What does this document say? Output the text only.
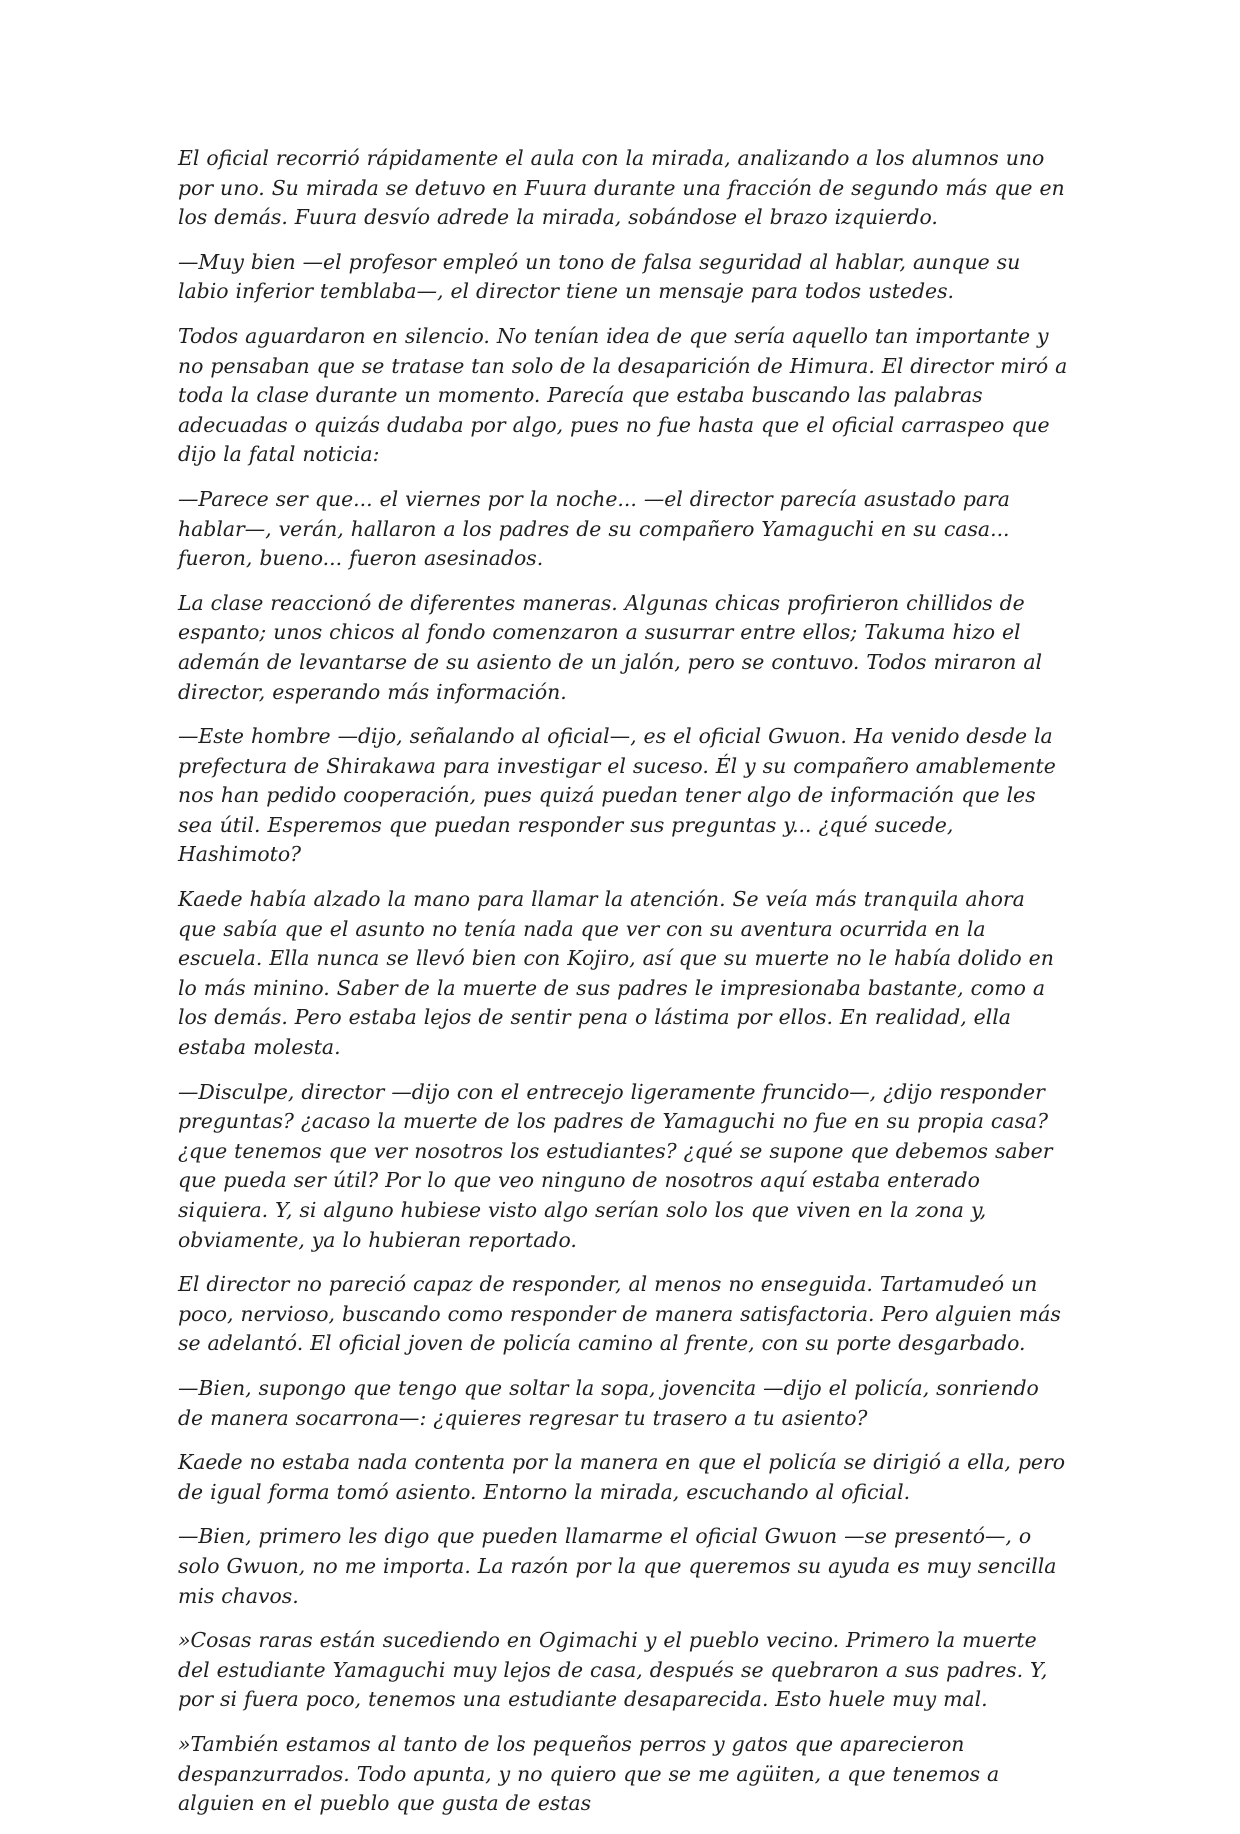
El oficial recorrió rápidamente el aula con la mirada, analizando a los alumnos uno por uno. Su mirada se detuvo en Fuura durante una fracción de segundo más que en los demás. Fuura desvío adrede la mirada, sobándose el brazo izquierdo.

—Muy bien —el profesor empleó un tono de falsa seguridad al hablar, aunque su labio inferior temblaba—, el director tiene un mensaje para todos ustedes.

Todos aguardaron en silencio. No tenían idea de que sería aquello tan importante y no pensaban que se tratase tan solo de la desaparición de Himura. El director miró a toda la clase durante un momento. Parecía que estaba buscando las palabras adecuadas o quizás dudaba por algo, pues no fue hasta que el oficial carraspeo que dijo la fatal noticia:

—Parece ser que... el viernes por la noche... —el director parecía asustado para hablar—, verán, hallaron a los padres de su compañero Yamaguchi en su casa... fueron, bueno... fueron asesinados.

La clase reaccionó de diferentes maneras. Algunas chicas profirieron chillidos de espanto; unos chicos al fondo comenzaron a susurrar entre ellos; Takuma hizo el ademán de levantarse de su asiento de un jalón, pero se contuvo. Todos miraron al director, esperando más información.

—Este hombre —dijo, señalando al oficial—, es el oficial Gwuon. Ha venido desde la prefectura de Shirakawa para investigar el suceso. Él y su compañero amablemente nos han pedido cooperación, pues quizá puedan tener algo de información que les sea útil. Esperemos que puedan responder sus preguntas y... ¿qué sucede, Hashimoto?

Kaede había alzado la mano para llamar la atención. Se veía más tranquila ahora que sabía que el asunto no tenía nada que ver con su aventura ocurrida en la escuela. Ella nunca se llevó bien con Kojiro, así que su muerte no le había dolido en lo más minino. Saber de la muerte de sus padres le impresionaba bastante, como a los demás. Pero estaba lejos de sentir pena o lástima por ellos. En realidad, ella estaba molesta.

—Disculpe, director —dijo con el entrecejo ligeramente fruncido—, ¿dijo responder preguntas? ¿acaso la muerte de los padres de Yamaguchi no fue en su propia casa? ¿que tenemos que ver nosotros los estudiantes? ¿qué se supone que debemos saber que pueda ser útil? Por lo que veo ninguno de nosotros aquí estaba enterado siquiera. Y, si alguno hubiese visto algo serían solo los que viven en la zona y, obviamente, ya lo hubieran reportado.

El director no pareció capaz de responder, al menos no enseguida. Tartamudeó un poco, nervioso, buscando como responder de manera satisfactoria. Pero alguien más se adelantó. El oficial joven de policía camino al frente, con su porte desgarbado.

—Bien, supongo que tengo que soltar la sopa, jovencita —dijo el policía, sonriendo de manera socarrona—: ¿quieres regresar tu trasero a tu asiento?

Kaede no estaba nada contenta por la manera en que el policía se dirigió a ella, pero de igual forma tomó asiento. Entorno la mirada, escuchando al oficial.

—Bien, primero les digo que pueden llamarme el oficial Gwuon —se presentó—, o solo Gwuon, no me importa. La razón por la que queremos su ayuda es muy sencilla mis chavos.

»Cosas raras están sucediendo en Ogimachi y el pueblo vecino. Primero la muerte del estudiante Yamaguchi muy lejos de casa, después se quebraron a sus padres. Y, por si fuera poco, tenemos una estudiante desaparecida. Esto huele muy mal.

»También estamos al tanto de los pequeños perros y gatos que aparecieron despanzurrados. Todo apunta, y no quiero que se me agüiten, a que tenemos a alguien en el pueblo que gusta de estas
